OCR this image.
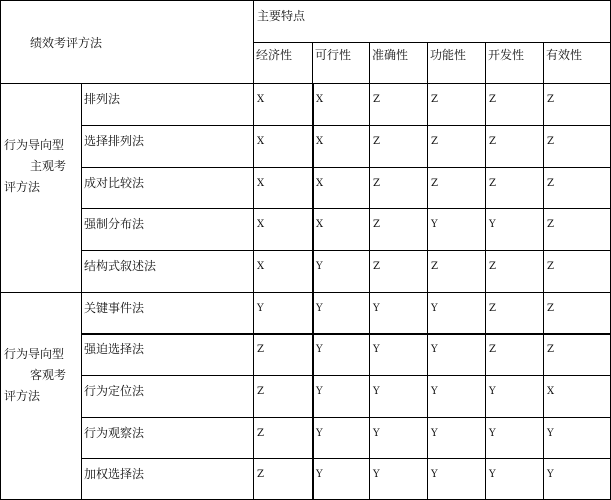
绩效考评方法
主要特点
经济性 可行性 准确性 功能性 开发性 有效性
行为导向型
主观考
评方法
排列法	X	X	Z	Z	Z	Z
选择排列法	X	X	Z	Z	Z	Z
成对比较法	X	X	Z	Z	Z	Z
强制分布法	X	X	Z	Y	Y	Z
结构式叙述法	X	Y	Z	Z	Z	Z
行为导向型
客观考
评方法
关键事件法	Y	Y	Y	Y	Z	Z
强迫选择法	Z	Y	Y	Y	Z	Z
行为定位法	Z	Y	Y	Y	Y	X
行为观察法	Z	Y	Y	Y	Y	Y
加权选择法	Z	Y	Y	Y	Y	Y
